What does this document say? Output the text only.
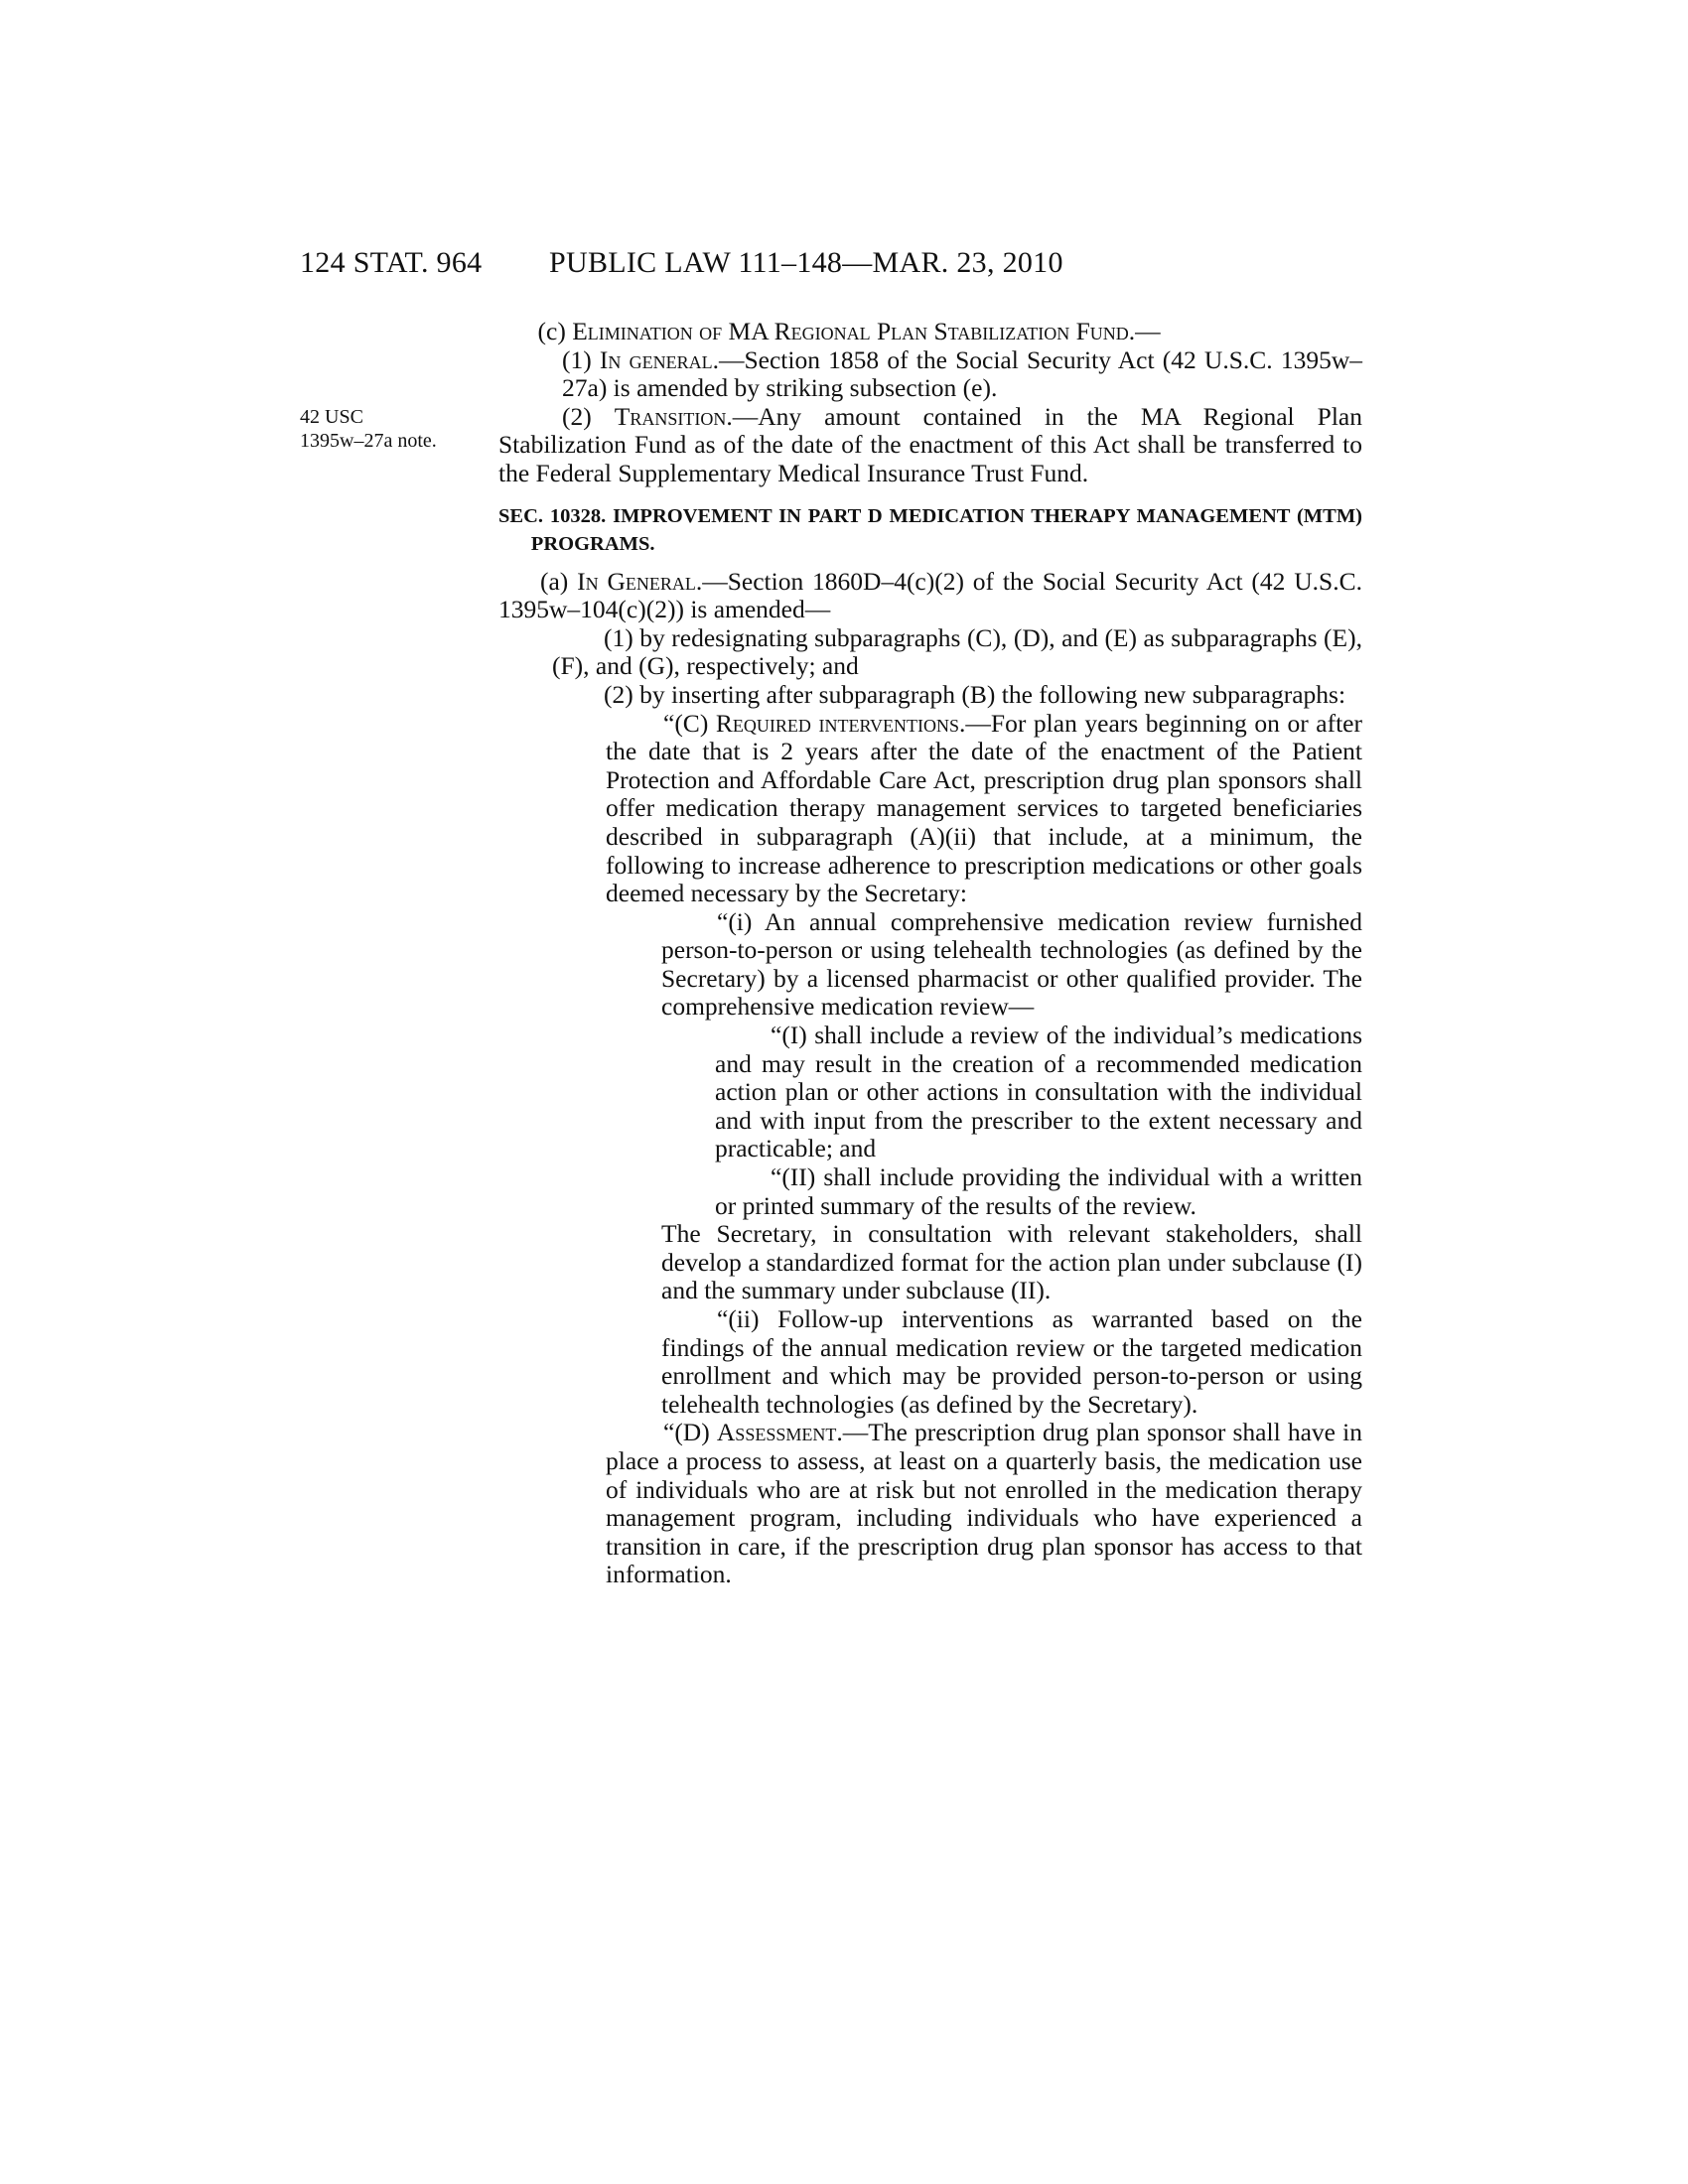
124 STAT. 964 PUBLIC LAW 111–148—MAR. 23, 2010
42 USC
1395w–27a note.

(c) Elimination of MA Regional Plan Stabilization Fund.—

(1) In general.—Section 1858 of the Social Security Act (42 U.S.C. 1395w–27a) is amended by striking subsection (e).

(2) Transition.—Any amount contained in the MA Regional Plan Stabilization Fund as of the date of the enactment of this Act shall be transferred to the Federal Supplementary Medical Insurance Trust Fund.

SEC. 10328. IMPROVEMENT IN PART D MEDICATION THERAPY MANAGEMENT (MTM) PROGRAMS.

(a) In General.—Section 1860D–4(c)(2) of the Social Security Act (42 U.S.C. 1395w–104(c)(2)) is amended—

(1) by redesignating subparagraphs (C), (D), and (E) as subparagraphs (E), (F), and (G), respectively; and

(2) by inserting after subparagraph (B) the following new subparagraphs:

“(C) Required interventions.—For plan years beginning on or after the date that is 2 years after the date of the enactment of the Patient Protection and Affordable Care Act, prescription drug plan sponsors shall offer medication therapy management services to targeted beneficiaries described in subparagraph (A)(ii) that include, at a minimum, the following to increase adherence to prescription medications or other goals deemed necessary by the Secretary:

“(i) An annual comprehensive medication review furnished person-to-person or using telehealth technologies (as defined by the Secretary) by a licensed pharmacist or other qualified provider. The comprehensive medication review—

“(I) shall include a review of the individual’s medications and may result in the creation of a recommended medication action plan or other actions in consultation with the individual and with input from the prescriber to the extent necessary and practicable; and

“(II) shall include providing the individual with a written or printed summary of the results of the review.

The Secretary, in consultation with relevant stakeholders, shall develop a standardized format for the action plan under subclause (I) and the summary under subclause (II).

“(ii) Follow-up interventions as warranted based on the findings of the annual medication review or the targeted medication enrollment and which may be provided person-to-person or using telehealth technologies (as defined by the Secretary).

“(D) Assessment.—The prescription drug plan sponsor shall have in place a process to assess, at least on a quarterly basis, the medication use of individuals who are at risk but not enrolled in the medication therapy management program, including individuals who have experienced a transition in care, if the prescription drug plan sponsor has access to that information.
